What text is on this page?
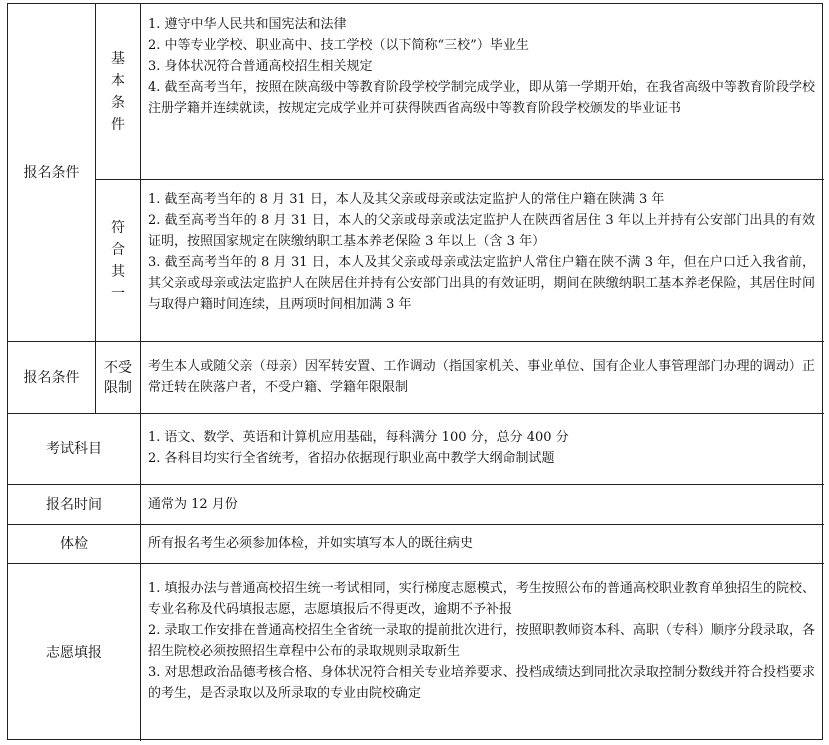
报名条件
基
本
条
件

1. 遵守中华人民共和国宪法和法律

2. 中等专业学校、职业高中、技工学校（以下简称“三校”）毕业生

3. 身体状况符合普通高校招生相关规定

4. 截至高考当年，按照在陕高级中等教育阶段学校学制完成学业，即从第一学期开始，在我省高级中等教育阶段学校注册学籍并连续就读，按规定完成学业并可获得陕西省高级中等教育阶段学校颁发的毕业证书

符
合
其
一

1. 截至高考当年的 8 月 31 日，本人及其父亲或母亲或法定监护人的常住户籍在陕满 3 年

2. 截至高考当年的 8 月 31 日，本人的父亲或母亲或法定监护人在陕西省居住 3 年以上并持有公安部门出具的有效证明，按照国家规定在陕缴纳职工基本养老保险 3 年以上（含 3 年）

3. 截至高考当年的 8 月 31 日，本人及其父亲或母亲或法定监护人常住户籍在陕不满 3 年，但在户口迁入我省前，其父亲或母亲或法定监护人在陕居住并持有公安部门出具的有效证明，期间在陕缴纳职工基本养老保险，其居住时间与取得户籍时间连续，且两项时间相加满 3 年

报名条件
不受
限制

考生本人或随父亲（母亲）因军转安置、工作调动（指国家机关、事业单位、国有企业人事管理部门办理的调动）正常迁转在陕落户者，不受户籍、学籍年限限制

考试科目

1. 语文、数学、英语和计算机应用基础，每科满分 100 分，总分 400 分

2. 各科目均实行全省统考，省招办依据现行职业高中教学大纲命制试题

报名时间	通常为 12 月份

体检	所有报名考生必须参加体检，并如实填写本人的既往病史

志愿填报

1. 填报办法与普通高校招生统一考试相同，实行梯度志愿模式，考生按照公布的普通高校职业教育单独招生的院校、专业名称及代码填报志愿，志愿填报后不得更改，逾期不予补报

2. 录取工作安排在普通高校招生全省统一录取的提前批次进行，按照职教师资本科、高职（专科）顺序分段录取，各招生院校必须按照招生章程中公布的录取规则录取新生

3. 对思想政治品德考核合格、身体状况符合相关专业培养要求、投档成绩达到同批次录取控制分数线并符合投档要求的考生，是否录取以及所录取的专业由院校确定
